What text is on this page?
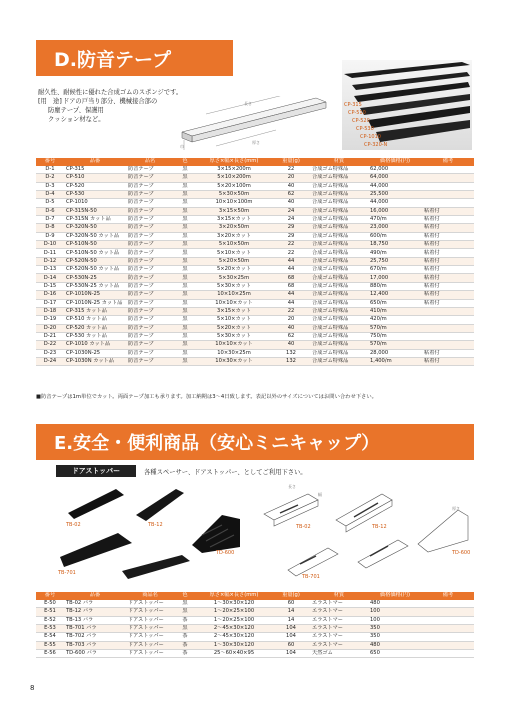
D.防音テープ
耐久性、耐候性に優れた合成ゴムのスポンジです。
[用　途] ドアの戸当り部分、機械接合部の
防塵テープ、保護用
クッション材など。
長さ
厚さ
巾
CP-315
CP-510
CP-520
CP-530
CP-1010
CP-320-N
番号	品番	品名	色	厚さ×幅×長さ(mm)	重量(g)	材質	価格価格(円)	備考
D-1	CP-315	防音テープ	黒	3×15×200m	22	合成ゴム特殊品	62,000	
D-2	CP-510	防音テープ	黒	5×10×200m	20	合成ゴム特殊品	64,000	
D-3	CP-520	防音テープ	黒	5×20×100m	40	合成ゴム特殊品	44,000	
D-4	CP-530	防音テープ	黒	5×30×50m	62	合成ゴム特殊品	25,500	
D-5	CP-1010	防音テープ	黒	10×10×100m	40	合成ゴム特殊品	44,000	
D-6	CP-315N-50	防音テープ	黒	3×15×50m	24	合成ゴム特殊品	16,000	粘着付
D-7	CP-315N カット品	防音テープ	黒	3×15×カット	24	合成ゴム特殊品	470/m	粘着付
D-8	CP-320N-50	防音テープ	黒	3×20×50m	29	合成ゴム特殊品	23,000	粘着付
D-9	CP-320N-50 カット品	防音テープ	黒	3×20×カット	29	合成ゴム特殊品	600/m	粘着付
D-10	CP-510N-50	防音テープ	黒	5×10×50m	22	合成ゴム特殊品	18,750	粘着付
D-11	CP-510N-50 カット品	防音テープ	黒	5×10×カット	22	合成ゴム特殊品	490/m	粘着付
D-12	CP-520N-50	防音テープ	黒	5×20×50m	44	合成ゴム特殊品	25,750	粘着付
D-13	CP-520N-50 カット品	防音テープ	黒	5×20×カット	44	合成ゴム特殊品	670/m	粘着付
D-14	CP-530N-25	防音テープ	黒	5×30×25m	68	合成ゴム特殊品	17,000	粘着付
D-15	CP-530N-25 カット品	防音テープ	黒	5×30×カット	68	合成ゴム特殊品	880/m	粘着付
D-16	CP-1010N-25	防音テープ	黒	10×10×25m	44	合成ゴム特殊品	12,400	粘着付
D-17	CP-1010N-25 カット品	防音テープ	黒	10×10×カット	44	合成ゴム特殊品	650/m	粘着付
D-18	CP-315 カット品	防音テープ	黒	3×15×カット	22	合成ゴム特殊品	410/m	
D-19	CP-510 カット品	防音テープ	黒	5×10×カット	20	合成ゴム特殊品	420/m	
D-20	CP-520 カット品	防音テープ	黒	5×20×カット	40	合成ゴム特殊品	570/m	
D-21	CP-530 カット品	防音テープ	黒	5×30×カット	62	合成ゴム特殊品	750/m	
D-22	CP-1010 カット品	防音テープ	黒	10×10×カット	40	合成ゴム特殊品	570/m	
D-23	CP-1030N-25	防音テープ	黒	10×30×25m	132	合成ゴム特殊品	28,000	粘着付
D-24	CP-1030N カット品	防音テープ	黒	10×30×カット	132	合成ゴム特殊品	1,400/m	粘着付
■防音テープは1m単位でカット。両面テープ加工も承ります。加工納期は3～4日致します。表記以外のサイズについてはお問い合わせ下さい。
E.安全・便利商品（安心ミニキャップ）
ドアストッパー	各種スペーサー、ドアストッパー、としてご利用下さい。
TB-02	TB-12
TB-701
TD-600
長さ
幅
厚さ
TB-02	TB-12
TB-701
TD-600
番号	品番	商品名	色	厚さ×幅×長さ(mm)	重量(g)	材質	価格価格(円)	備考
E-50	TB-02 バラ	ドアストッパー	黒	1～30×30×120	60	エラストマー	480	
E-51	TB-12 バラ	ドアストッパー	黒	1～20×25×100	14	エラストマー	100	
E-52	TB-13 バラ	ドアストッパー	茶	1～20×25×100	14	エラストマー	100	
E-53	TB-701 バラ	ドアストッパー	黒	2～45×30×120	104	エラストマー	350	
E-54	TB-702 バラ	ドアストッパー	茶	2～45×30×120	104	エラストマー	350	
E-55	TB-703 バラ	ドアストッパー	茶	1～30×30×120	60	エラストマー	480	
E-56	TD-600 バラ	ドアストッパー	茶	25～60×40×95	104	天然ゴム	650	
8
